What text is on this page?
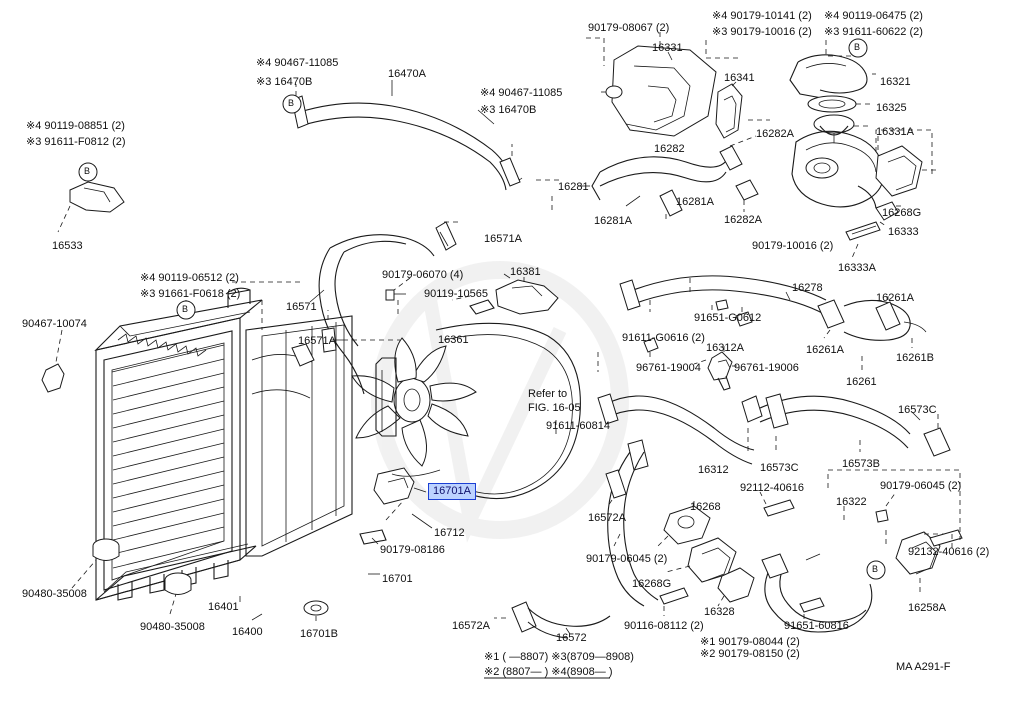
16701A
B
B
B
B
B
※4 90119-08851 (2)
※3 91611-F0812 (2)
16533
90467-10074
※4 90119-06512 (2)
※3 91661-F0618 (2)
16571
16571A
16571A
※4 90467-11085
※3 16470B
16470A
※4 90467-11085
※3 16470B
90179-06070 (4)
90119-10565
16381
16361
16712
90179-08186
16701
16401
16400
90480-35008
90480-35008
16701B
90179-08067 (2)
16331
16341
※4 90179-10141 (2)
※3 90179-10016 (2)
※4 90119-06475 (2)
※3 91611-60622 (2)
16321
16325
16331A
16282A
16282
16281
16281A
16281A
16282A
16268G
16333
90179-10016 (2)
16333A
16278
91651-G0612
91611-G0616 (2)
96761-19004	96761-19006
16312A
16261A
16261A
16261B
16261
16573C
91611-60814
16312	16573C	16573B
16268
16572A
92112-40616	90179-06045 (2)
16322
92132-40616 (2)
90179-06045 (2)
16268G
16328
90116-08112 (2)	91651-60816
16258A
16572A
16572	※1 90179-08044 (2)
※2 90179-08150 (2)
Refer to
FIG. 16-05
※1 ( —8807) ※3(8709—8908)
※2 (8807— ) ※4(8908— )	MA A291-F
